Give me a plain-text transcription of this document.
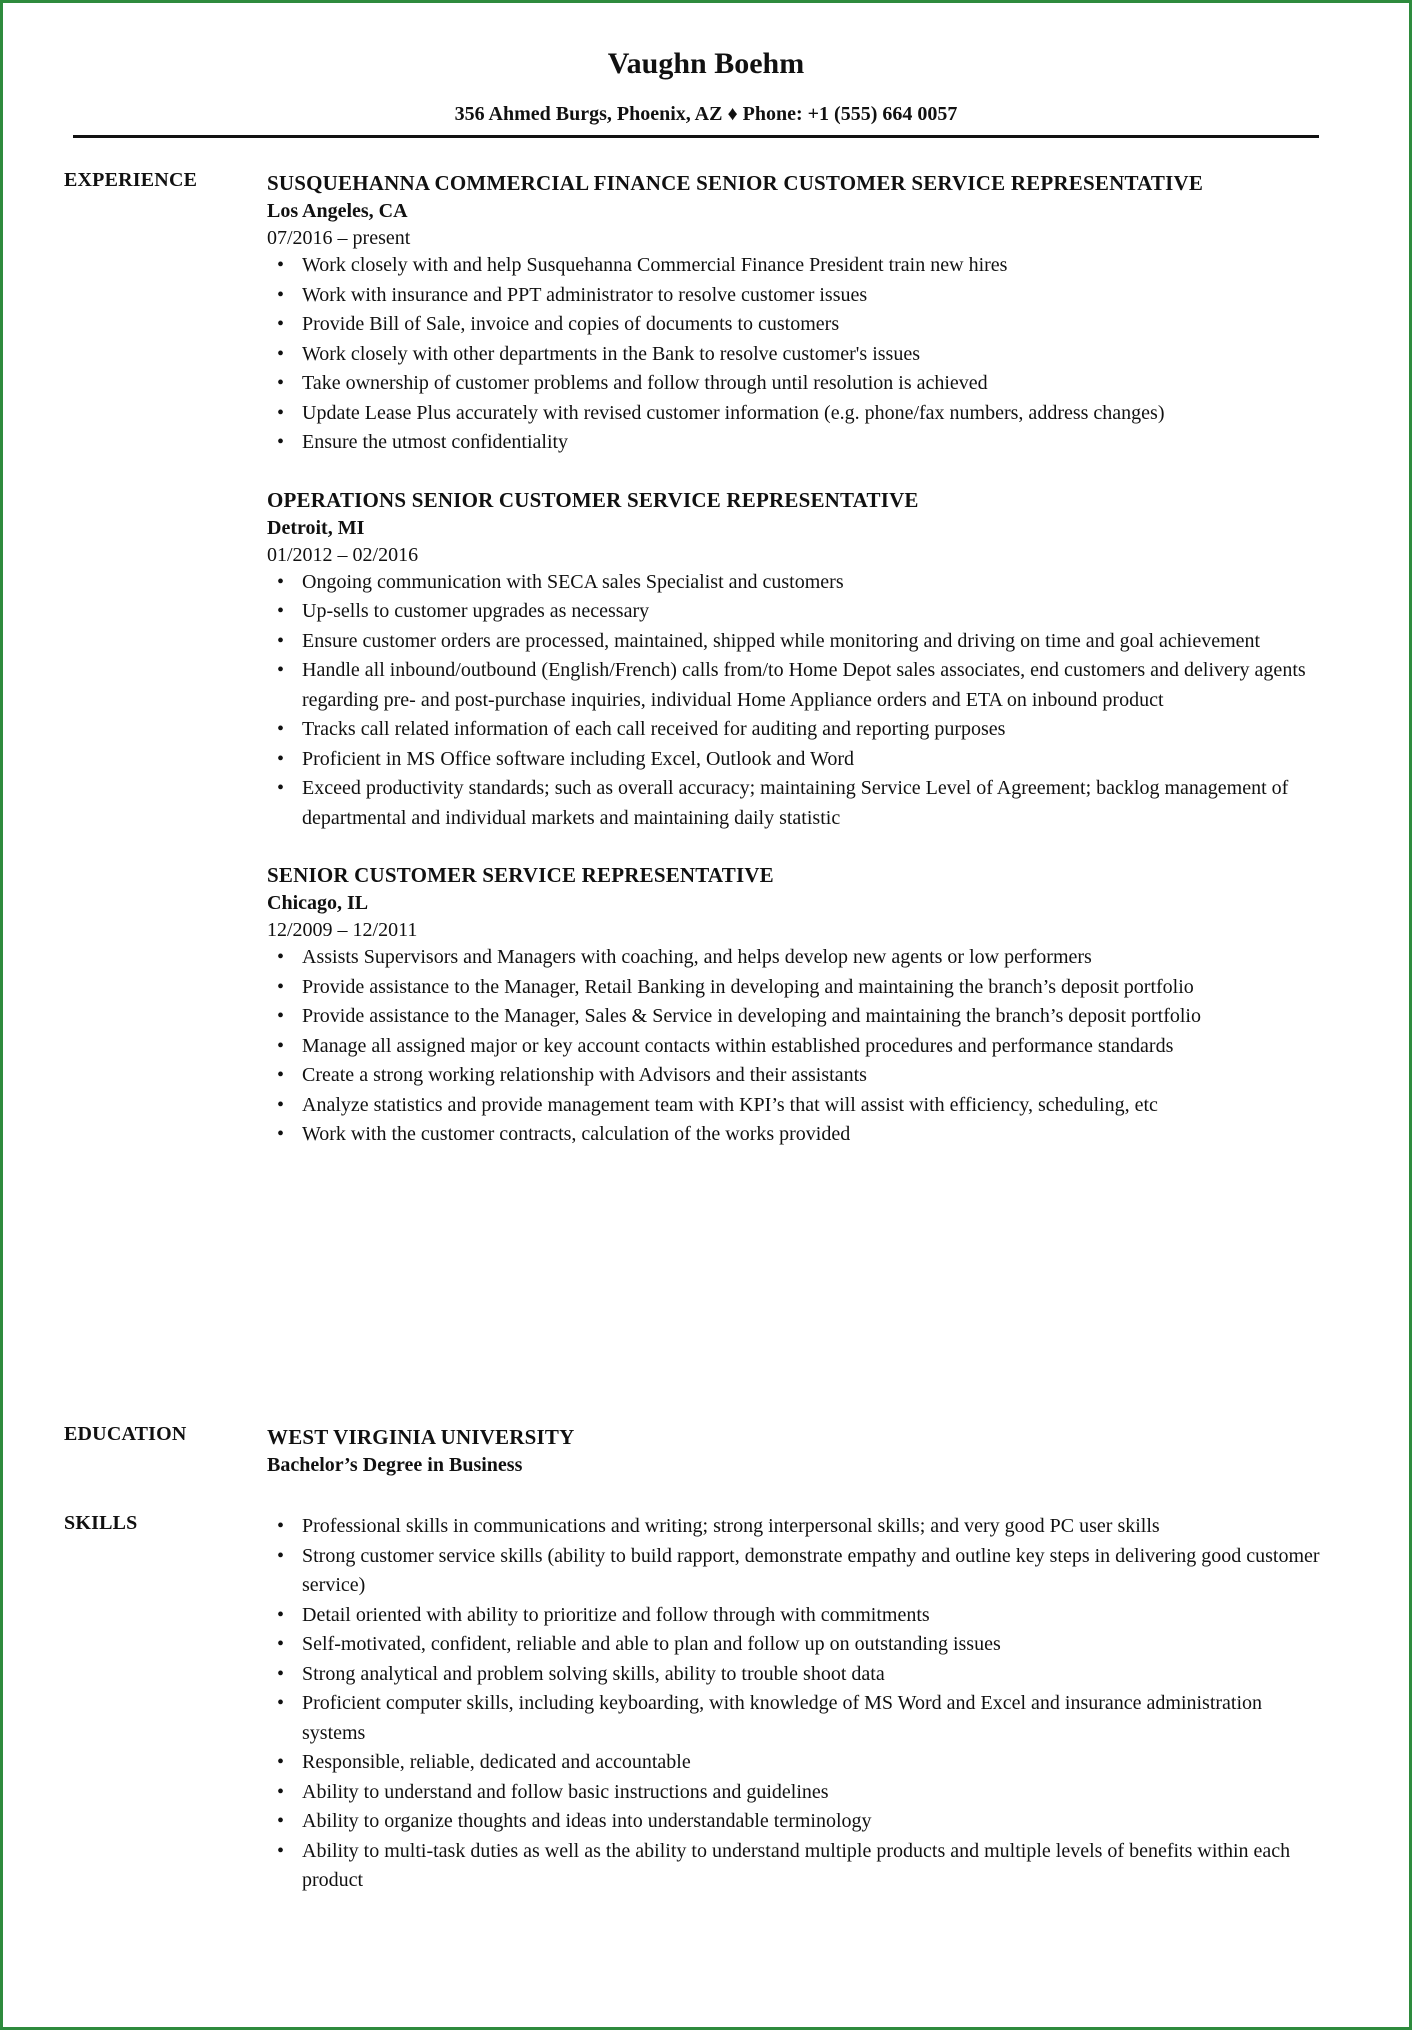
Vaughn Boehm
356 Ahmed Burgs, Phoenix, AZ ♦ Phone: +1 (555) 664 0057
EXPERIENCE	SUSQUEHANNA COMMERCIAL FINANCE SENIOR CUSTOMER SERVICE REPRESENTATIVE
Los Angeles, CA
07/2016 – present
• Work closely with and help Susquehanna Commercial Finance President train new hires
• Work with insurance and PPT administrator to resolve customer issues
• Provide Bill of Sale, invoice and copies of documents to customers
• Work closely with other departments in the Bank to resolve customer's issues
• Take ownership of customer problems and follow through until resolution is achieved
• Update Lease Plus accurately with revised customer information (e.g. phone/fax numbers, address changes)
• Ensure the utmost confidentiality
OPERATIONS SENIOR CUSTOMER SERVICE REPRESENTATIVE
Detroit, MI
01/2012 – 02/2016
• Ongoing communication with SECA sales Specialist and customers
• Up-sells to customer upgrades as necessary
• Ensure customer orders are processed, maintained, shipped while monitoring and driving on time and goal achievement
• Handle all inbound/outbound (English/French) calls from/to Home Depot sales associates, end customers and delivery agents regarding pre- and post-purchase inquiries, individual Home Appliance orders and ETA on inbound product
• Tracks call related information of each call received for auditing and reporting purposes
• Proficient in MS Office software including Excel, Outlook and Word
• Exceed productivity standards; such as overall accuracy; maintaining Service Level of Agreement; backlog management of departmental and individual markets and maintaining daily statistic
SENIOR CUSTOMER SERVICE REPRESENTATIVE
Chicago, IL
12/2009 – 12/2011
• Assists Supervisors and Managers with coaching, and helps develop new agents or low performers
• Provide assistance to the Manager, Retail Banking in developing and maintaining the branch’s deposit portfolio
• Provide assistance to the Manager, Sales & Service in developing and maintaining the branch’s deposit portfolio
• Manage all assigned major or key account contacts within established procedures and performance standards
• Create a strong working relationship with Advisors and their assistants
• Analyze statistics and provide management team with KPI’s that will assist with efficiency, scheduling, etc
• Work with the customer contracts, calculation of the works provided
EDUCATION	WEST VIRGINIA UNIVERSITY
Bachelor’s Degree in Business
SKILLS	• Professional skills in communications and writing; strong interpersonal skills; and very good PC user skills
• Strong customer service skills (ability to build rapport, demonstrate empathy and outline key steps in delivering good customer service)
• Detail oriented with ability to prioritize and follow through with commitments
• Self-motivated, confident, reliable and able to plan and follow up on outstanding issues
• Strong analytical and problem solving skills, ability to trouble shoot data
• Proficient computer skills, including keyboarding, with knowledge of MS Word and Excel and insurance administration systems
• Responsible, reliable, dedicated and accountable
• Ability to understand and follow basic instructions and guidelines
• Ability to organize thoughts and ideas into understandable terminology
• Ability to multi-task duties as well as the ability to understand multiple products and multiple levels of benefits within each product
